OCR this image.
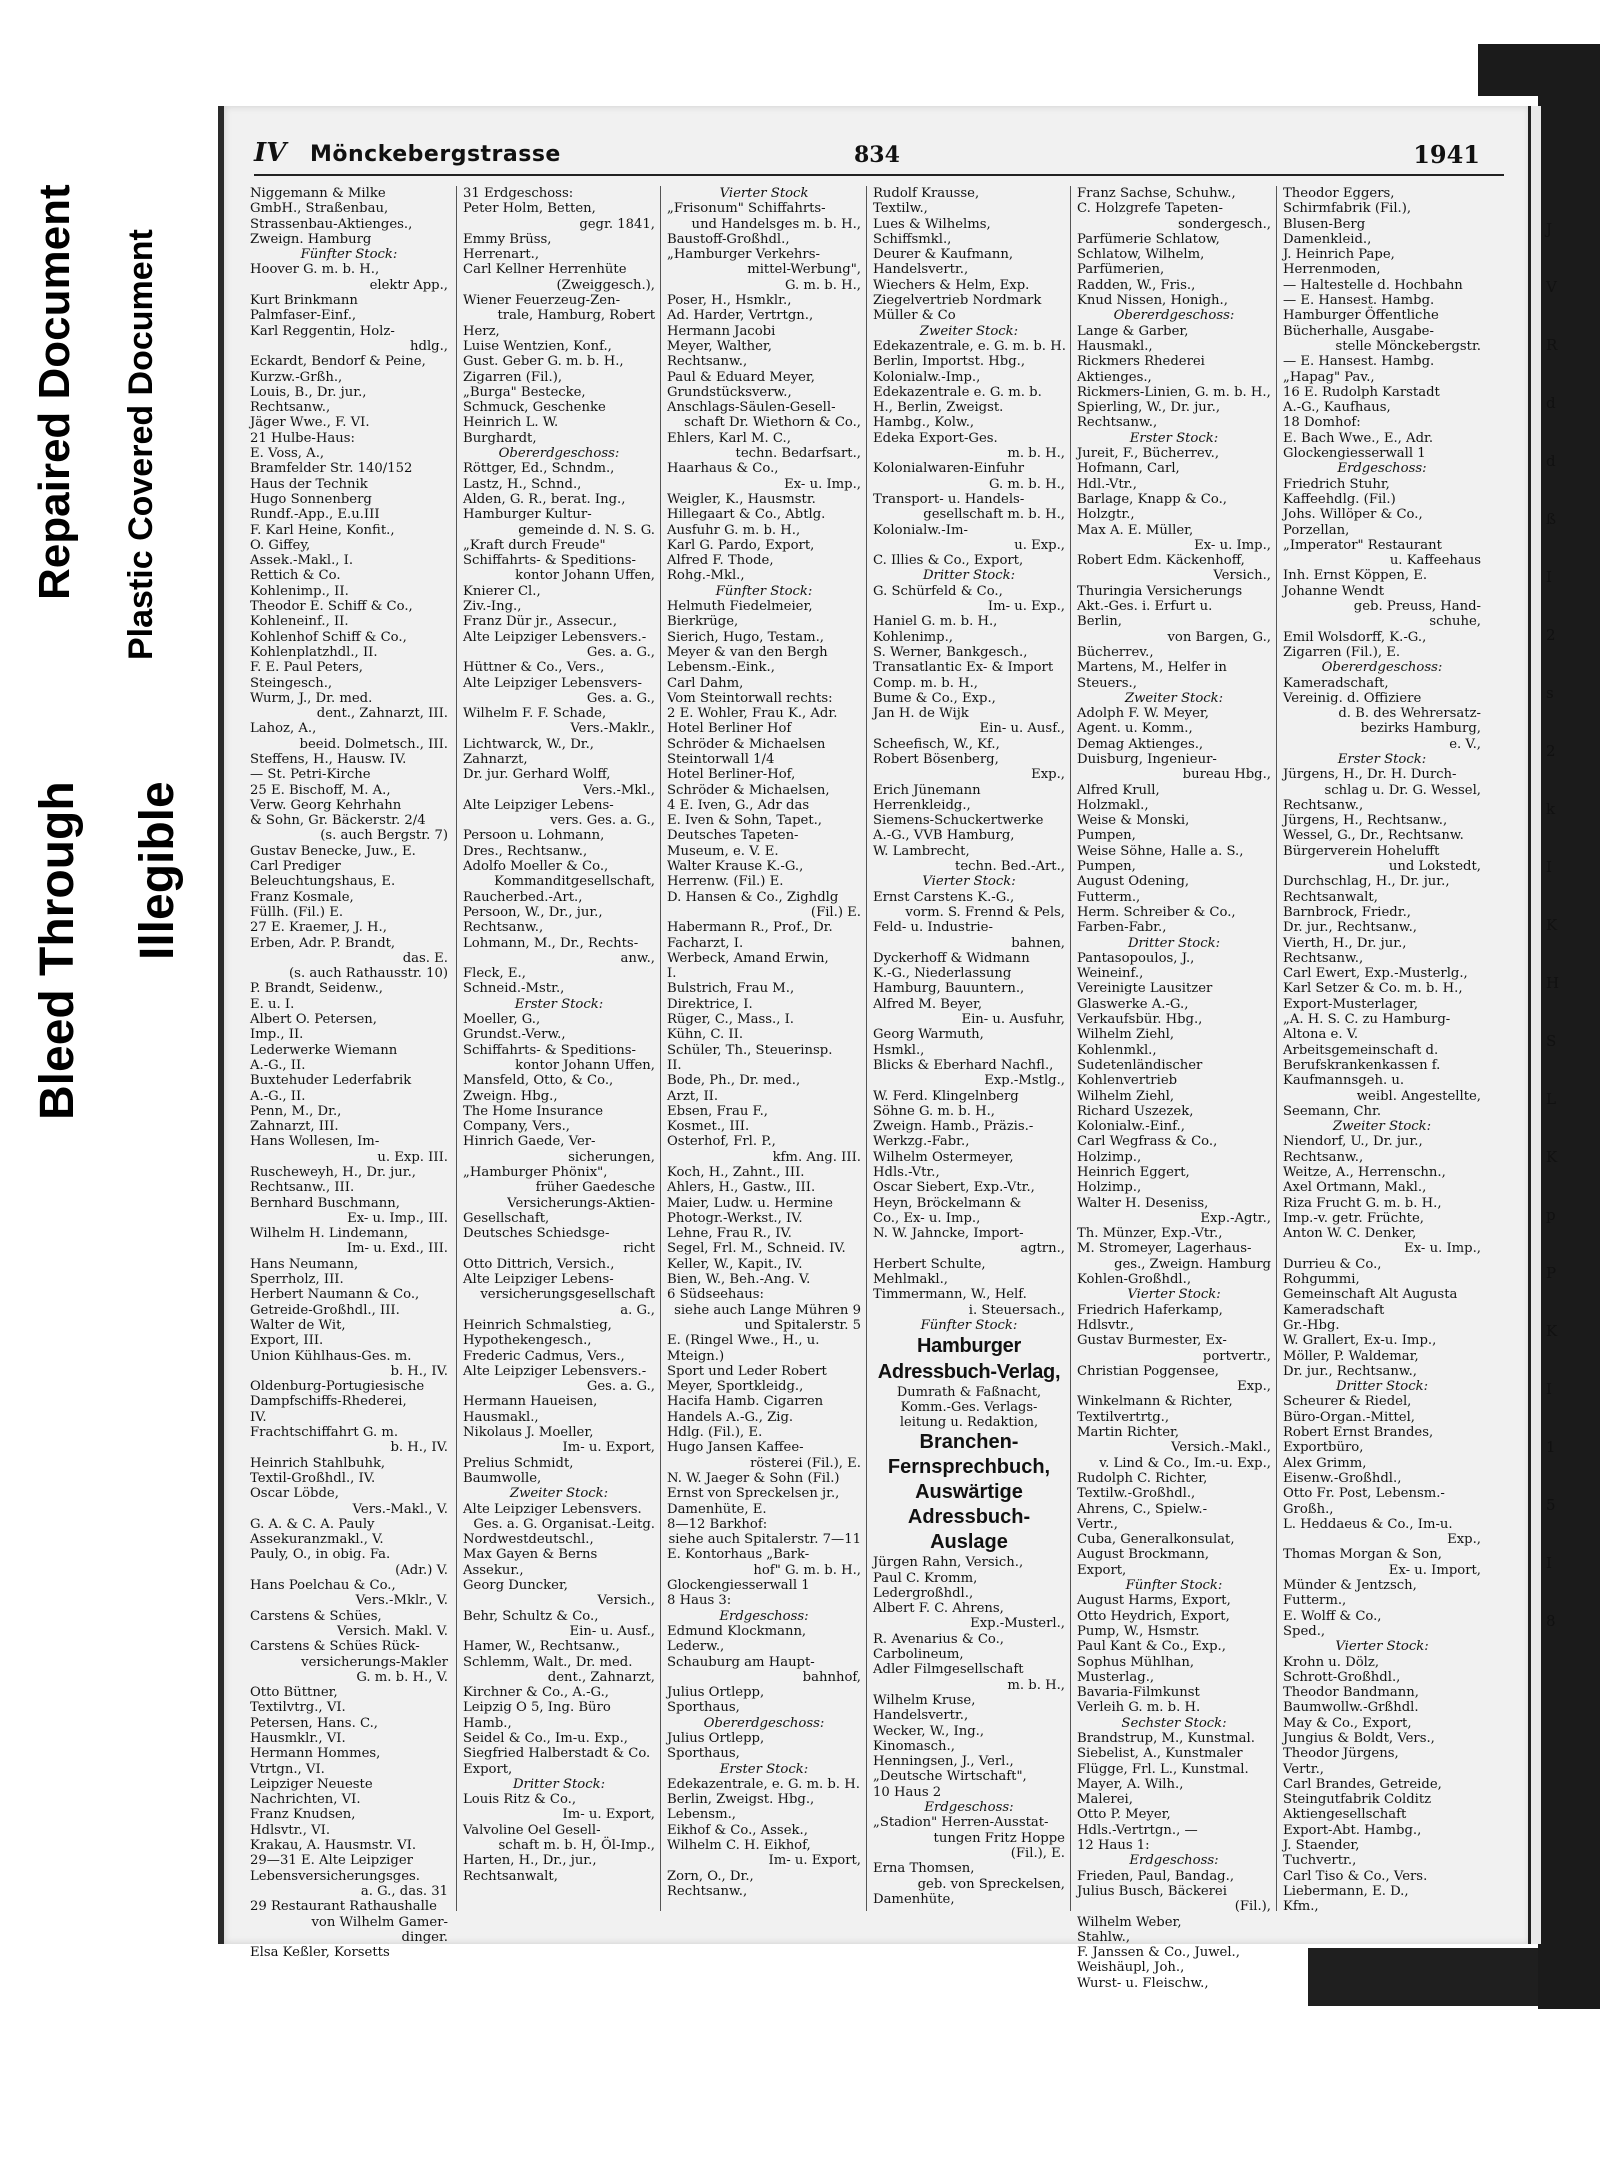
Bleed Through Illegible
Repaired Document Plastic Covered Document
IV Mönckebergstrasse	834	1941
Niggemann & Milke
GmbH., Straßenbau,
Strassenbau-Aktienges.,
Zweign. Hamburg
Fünfter Stock:
Hoover G. m. b. H.,
elektr App.,
Kurt Brinkmann
Palmfaser-Einf.,
Karl Reggentin, Holz-
hdlg.,
Eckardt, Bendorf & Peine,
Kurzw.-Grßh.,
Louis, B., Dr. jur.,
Rechtsanw.,
Jäger Wwe., F. VI.
21 Hulbe-Haus:
E. Voss, A.,
Bramfelder Str. 140/152
Haus der Technik
Hugo Sonnenberg
Rundf.-App., E.u.III
F. Karl Heine, Konfit.,
O. Giffey,
Assek.-Makl., I.
Rettich & Co.
Kohlenimp., II.
Theodor E. Schiff & Co.,
Kohleneinf., II.
Kohlenhof Schiff & Co.,
Kohlenplatzhdl., II.
F. E. Paul Peters,
Steingesch.,
Wurm, J., Dr. med.
dent., Zahnarzt, III.
Lahoz, A.,
beeid. Dolmetsch., III.
Steffens, H., Hausw. IV.
— St. Petri-Kirche
25 E. Bischoff, M. A.,
Verw. Georg Kehrhahn
& Sohn, Gr. Bäckerstr. 2/4
(s. auch Bergstr. 7)
Gustav Benecke, Juw., E.
Carl Prediger
Beleuchtungshaus, E.
Franz Kosmale,
Füllh. (Fil.) E.
27 E. Kraemer, J. H.,
Erben, Adr. P. Brandt,
das. E.
(s. auch Rathausstr. 10)
P. Brandt, Seidenw.,
E. u. I.
Albert O. Petersen,
Imp., II.
Lederwerke Wiemann
A.-G., II.
Buxtehuder Lederfabrik
A.-G., II.
Penn, M., Dr.,
Zahnarzt, III.
Hans Wollesen, Im-
u. Exp. III.
Ruscheweyh, H., Dr. jur.,
Rechtsanw., III.
Bernhard Buschmann,
Ex- u. Imp., III.
Wilhelm H. Lindemann,
Im- u. Exd., III.
Hans Neumann,
Sperrholz, III.
Herbert Naumann & Co.,
Getreide-Großhdl., III.
Walter de Wit,
Export, III.
Union Kühlhaus-Ges. m.
b. H., IV.
Oldenburg-Portugiesische
Dampfschiffs-Rhederei,
IV.
Frachtschiffahrt G. m.
b. H., IV.
Heinrich Stahlbuhk,
Textil-Großhdl., IV.
Oscar Löbde,
Vers.-Makl., V.
G. A. & C. A. Pauly
Assekuranzmakl., V.
Pauly, O., in obig. Fa.
(Adr.) V.
Hans Poelchau & Co.,
Vers.-Mklr., V.
Carstens & Schües,
Versich. Makl. V.
Carstens & Schües Rück-
versicherungs-Makler
G. m. b. H., V.
Otto Büttner,
Textilvtrg., VI.
Petersen, Hans. C.,
Hausmklr., VI.
Hermann Hommes,
Vtrtgn., VI.
Leipziger Neueste
Nachrichten, VI.
Franz Knudsen,
Hdlsvtr., VI.
Krakau, A. Hausmstr. VI.
29—31 E. Alte Leipziger
Lebensversicherungsges.
a. G., das. 31
29 Restaurant Rathaushalle
von Wilhelm Gamer-
dinger.
Elsa Keßler, Korsetts
31 Erdgeschoss:
Peter Holm, Betten,
gegr. 1841,
Emmy Brüss,
Herrenart.,
Carl Kellner Herrenhüte
(Zweiggesch.),
Wiener Feuerzeug-Zen-
trale, Hamburg, Robert
Herz,
Luise Wentzien, Konf.,
Gust. Geber G. m. b. H.,
Zigarren (Fil.),
„Burga" Bestecke,
Schmuck, Geschenke
Heinrich L. W.
Burghardt,
Obererdgeschoss:
Röttger, Ed., Schndm.,
Lastz, H., Schnd.,
Alden, G. R., berat. Ing.,
Hamburger Kultur-
gemeinde d. N. S. G.
„Kraft durch Freude"
Schiffahrts- & Speditions-
kontor Johann Uffen,
Knierer Cl.,
Ziv.-Ing.,
Franz Dür jr., Assecur.,
Alte Leipziger Lebensvers.-
Ges. a. G.,
Hüttner & Co., Vers.,
Alte Leipziger Lebensvers-
Ges. a. G.,
Wilhelm F. F. Schade,
Vers.-Maklr.,
Lichtwarck, W., Dr.,
Zahnarzt,
Dr. jur. Gerhard Wolff,
Vers.-Mkl.,
Alte Leipziger Lebens-
vers. Ges. a. G.,
Persoon u. Lohmann,
Dres., Rechtsanw.,
Adolfo Moeller & Co.,
Kommanditgesellschaft,
Raucherbed.-Art.,
Persoon, W., Dr., jur.,
Rechtsanw.,
Lohmann, M., Dr., Rechts-
anw.,
Fleck, E.,
Schneid.-Mstr.,
Erster Stock:
Moeller, G.,
Grundst.-Verw.,
Schiffahrts- & Speditions-
kontor Johann Uffen,
Mansfeld, Otto, & Co.,
Zweign. Hbg.,
The Home Insurance
Company, Vers.,
Hinrich Gaede, Ver-
sicherungen,
„Hamburger Phönix",
früher Gaedesche
Versicherungs-Aktien-
Gesellschaft,
Deutsches Schiedsge-
richt
Otto Dittrich, Versich.,
Alte Leipziger Lebens-
versicherungsgesellschaft
a. G.,
Heinrich Schmalstieg,
Hypothekengesch.,
Frederic Cadmus, Vers.,
Alte Leipziger Lebensvers.-
Ges. a. G.,
Hermann Haueisen,
Hausmakl.,
Nikolaus J. Moeller,
Im- u. Export,
Prelius Schmidt,
Baumwolle,
Zweiter Stock:
Alte Leipziger Lebensvers.
Ges. a. G. Organisat.-Leitg.
Nordwestdeutschl.,
Max Gayen & Berns
Assekur.,
Georg Duncker,
Versich.,
Behr, Schultz & Co.,
Ein- u. Ausf.,
Hamer, W., Rechtsanw.,
Schlemm, Walt., Dr. med.
dent., Zahnarzt,
Kirchner & Co., A.-G.,
Leipzig O 5, Ing. Büro
Hamb.,
Seidel & Co., Im-u. Exp.,
Siegfried Halberstadt & Co.
Export,
Dritter Stock:
Louis Ritz & Co.,
Im- u. Export,
Valvoline Oel Gesell-
schaft m. b. H, Öl-Imp.,
Harten, H., Dr., jur.,
Rechtsanwalt,
Vierter Stock
„Frisonum" Schiffahrts-
und Handelsges m. b. H.,
Baustoff-Großhdl.,
„Hamburger Verkehrs-
mittel-Werbung",
G. m. b. H.,
Poser, H., Hsmklr.,
Ad. Harder, Vertrtgn.,
Hermann Jacobi
Meyer, Walther,
Rechtsanw.,
Paul & Eduard Meyer,
Grundstücksverw.,
Anschlags-Säulen-Gesell-
schaft Dr. Wiethorn & Co.,
Ehlers, Karl M. C.,
techn. Bedarfsart.,
Haarhaus & Co.,
Ex- u. Imp.,
Weigler, K., Hausmstr.
Hillegaart & Co., Abtlg.
Ausfuhr G. m. b. H.,
Karl G. Pardo, Export,
Alfred F. Thode,
Rohg.-Mkl.,
Fünfter Stock:
Helmuth Fiedelmeier,
Bierkrüge,
Sierich, Hugo, Testam.,
Meyer & van den Bergh
Lebensm.-Eink.,
Carl Dahm,
Vom Steintorwall rechts:
2 E. Wohler, Frau K., Adr.
Hotel Berliner Hof
Schröder & Michaelsen
Steintorwall 1/4
Hotel Berliner-Hof,
Schröder & Michaelsen,
4 E. Iven, G., Adr das
E. Iven & Sohn, Tapet.,
Deutsches Tapeten-
Museum, e. V. E.
Walter Krause K.-G.,
Herrenw. (Fil.) E.
D. Hansen & Co., Zighdlg
(Fil.) E.
Habermann R., Prof., Dr.
Facharzt, I.
Werbeck, Amand Erwin,
I.
Bulstrich, Frau M.,
Direktrice, I.
Rüger, C., Mass., I.
Kühn, C. II.
Schüler, Th., Steuerinsp.
II.
Bode, Ph., Dr. med.,
Arzt, II.
Ebsen, Frau F.,
Kosmet., III.
Osterhof, Frl. P.,
kfm. Ang. III.
Koch, H., Zahnt., III.
Ahlers, H., Gastw., III.
Maier, Ludw. u. Hermine
Photogr.-Werkst., IV.
Lehne, Frau R., IV.
Segel, Frl. M., Schneid. IV.
Keller, W., Kapit., IV.
Bien, W., Beh.-Ang. V.
6 Südseehaus:
siehe auch Lange Mühren 9
und Spitalerstr. 5
E. (Ringel Wwe., H., u.
Mteign.)
Sport und Leder Robert
Meyer, Sportkleidg.,
Hacifa Hamb. Cigarren
Handels A.-G., Zig.
Hdlg. (Fil.), E.
Hugo Jansen Kaffee-
rösterei (Fil.), E.
N. W. Jaeger & Sohn (Fil.)
Ernst von Spreckelsen jr.,
Damenhüte, E.
8—12 Barkhof:
siehe auch Spitalerstr. 7—11
E. Kontorhaus „Bark-
hof" G. m. b. H.,
Glockengiesserwall 1
8 Haus 3:
Erdgeschoss:
Edmund Klockmann,
Lederw.,
Schauburg am Haupt-
bahnhof,
Julius Ortlepp,
Sporthaus,
Obererdgeschoss:
Julius Ortlepp,
Sporthaus,
Erster Stock:
Edekazentrale, e. G. m. b. H.
Berlin, Zweigst. Hbg.,
Lebensm.,
Eikhof & Co., Assek.,
Wilhelm C. H. Eikhof,
Im- u. Export,
Zorn, O., Dr.,
Rechtsanw.,
Rudolf Krausse,
Textilw.,
Lues & Wilhelms,
Schiffsmkl.,
Deurer & Kaufmann,
Handelsvertr.,
Wiechers & Helm, Exp.
Ziegelvertrieb Nordmark
Müller & Co
Zweiter Stock:
Edekazentrale, e. G. m. b. H.
Berlin, Importst. Hbg.,
Kolonialw.-Imp.,
Edekazentrale e. G. m. b.
H., Berlin, Zweigst.
Hambg., Kolw.,
Edeka Export-Ges.
m. b. H.,
Kolonialwaren-Einfuhr
G. m. b. H.,
Transport- u. Handels-
gesellschaft m. b. H.,
Kolonialw.-Im-
u. Exp.,
C. Illies & Co., Export,
Dritter Stock:
G. Schürfeld & Co.,
Im- u. Exp.,
Haniel G. m. b. H.,
Kohlenimp.,
S. Werner, Bankgesch.,
Transatlantic Ex- & Import
Comp. m. b. H.,
Bume & Co., Exp.,
Jan H. de Wijk
Ein- u. Ausf.,
Scheefisch, W., Kf.,
Robert Bösenberg,
Exp.,
Erich Jünemann
Herrenkleidg.,
Siemens-Schuckertwerke
A.-G., VVB Hamburg,
W. Lambrecht,
techn. Bed.-Art.,
Vierter Stock:
Ernst Carstens K.-G.,
vorm. S. Frennd & Pels,
Feld- u. Industrie-
bahnen,
Dyckerhoff & Widmann
K.-G., Niederlassung
Hamburg, Bauuntern.,
Alfred M. Beyer,
Ein- u. Ausfuhr,
Georg Warmuth,
Hsmkl.,
Blicks & Eberhard Nachfl.,
Exp.-Mstlg.,
W. Ferd. Klingelnberg
Söhne G. m. b. H.,
Zweign. Hamb., Präzis.-
Werkzg.-Fabr.,
Wilhelm Ostermeyer,
Hdls.-Vtr.,
Oscar Siebert, Exp.-Vtr.,
Heyn, Bröckelmann &
Co., Ex- u. Imp.,
N. W. Jahncke, Import-
agtrn.,
Herbert Schulte,
Mehlmakl.,
Timmermann, W., Helf.
i. Steuersach.,
Fünfter Stock:
Hamburger
Adressbuch-Verlag,
Dumrath & Faßnacht,
Komm.-Ges. Verlags-
leitung u. Redaktion,
Branchen-
Fernsprechbuch,
Auswärtige
Adressbuch-Auslage
Jürgen Rahn, Versich.,
Paul C. Kromm,
Ledergroßhdl.,
Albert F. C. Ahrens,
Exp.-Musterl.,
R. Avenarius & Co.,
Carbolineum,
Adler Filmgesellschaft
m. b. H.,
Wilhelm Kruse,
Handelsvertr.,
Wecker, W., Ing.,
Kinomasch.,
Henningsen, J., Verl.,
„Deutsche Wirtschaft",
10 Haus 2
Erdgeschoss:
„Stadion" Herren-Ausstat-
tungen Fritz Hoppe
(Fil.), E.
Erna Thomsen,
geb. von Spreckelsen,
Damenhüte,
Franz Sachse, Schuhw.,
C. Holzgrefe Tapeten-
sondergesch.,
Parfümerie Schlatow,
Schlatow, Wilhelm,
Parfümerien,
Radden, W., Fris.,
Knud Nissen, Honigh.,
Obererdgeschoss:
Lange & Garber,
Hausmakl.,
Rickmers Rhederei
Aktienges.,
Rickmers-Linien, G. m. b. H.,
Spierling, W., Dr. jur.,
Rechtsanw.,
Erster Stock:
Jureit, F., Bücherrev.,
Hofmann, Carl,
Hdl.-Vtr.,
Barlage, Knapp & Co.,
Holzgtr.,
Max A. E. Müller,
Ex- u. Imp.,
Robert Edm. Käckenhoff,
Versich.,
Thuringia Versicherungs
Akt.-Ges. i. Erfurt u.
Berlin,
von Bargen, G.,
Bücherrev.,
Martens, M., Helfer in
Steuers.,
Zweiter Stock:
Adolph F. W. Meyer,
Agent. u. Komm.,
Demag Aktienges.,
Duisburg, Ingenieur-
bureau Hbg.,
Alfred Krull,
Holzmakl.,
Weise & Monski,
Pumpen,
Weise Söhne, Halle a. S.,
Pumpen,
August Odening,
Futterm.,
Herm. Schreiber & Co.,
Farben-Fabr.,
Dritter Stock:
Pantasopoulos, J.,
Weineinf.,
Vereinigte Lausitzer
Glaswerke A.-G.,
Verkaufsbür. Hbg.,
Wilhelm Ziehl,
Kohlenmkl.,
Sudetenländischer
Kohlenvertrieb
Wilhelm Ziehl,
Richard Uszezek,
Kolonialw.-Einf.,
Carl Wegfrass & Co.,
Holzimp.,
Heinrich Eggert,
Holzimp.,
Walter H. Deseniss,
Exp.-Agtr.,
Th. Münzer, Exp.-Vtr.,
M. Stromeyer, Lagerhaus-
ges., Zweign. Hamburg
Kohlen-Großhdl.,
Vierter Stock:
Friedrich Haferkamp,
Hdlsvtr.,
Gustav Burmester, Ex-
portvertr.,
Christian Poggensee,
Exp.,
Winkelmann & Richter,
Textilvertrtg.,
Martin Richter,
Versich.-Makl.,
v. Lind & Co., Im.-u. Exp.,
Rudolph C. Richter,
Textilw.-Großhdl.,
Ahrens, C., Spielw.-
Vertr.,
Cuba, Generalkonsulat,
August Brockmann,
Export,
Fünfter Stock:
August Harms, Export,
Otto Heydrich, Export,
Pump, W., Hsmstr.
Paul Kant & Co., Exp.,
Sophus Mühlhan,
Musterlag.,
Bavaria-Filmkunst
Verleih G. m. b. H.
Sechster Stock:
Brandstrup, M., Kunstmal.
Siebelist, A., Kunstmaler
Flügge, Frl. L., Kunstmal.
Mayer, A. Wilh.,
Malerei,
Otto P. Meyer,
Hdls.-Vertrtgn., —
12 Haus 1:
Erdgeschoss:
Frieden, Paul, Bandag.,
Julius Busch, Bäckerei
(Fil.),
Wilhelm Weber,
Stahlw.,
F. Janssen & Co., Juwel.,
Weishäupl, Joh.,
Wurst- u. Fleischw.,
Theodor Eggers,
Schirmfabrik (Fil.),
Blusen-Berg
Damenkleid.,
J. Heinrich Pape,
Herrenmoden,
— Haltestelle d. Hochbahn
— E. Hansest. Hambg.
Hamburger Öffentliche
Bücherhalle, Ausgabe-
stelle Mönckebergstr.
— E. Hansest. Hambg.
„Hapag" Pav.,
16 E. Rudolph Karstadt
A.-G., Kaufhaus,
18 Domhof:
E. Bach Wwe., E., Adr.
Glockengiesserwall 1
Erdgeschoss:
Friedrich Stuhr,
Kaffeehdlg. (Fil.)
Johs. Willöper & Co.,
Porzellan,
„Imperator" Restaurant
u. Kaffeehaus
Inh. Ernst Köppen, E.
Johanne Wendt
geb. Preuss, Hand-
schuhe,
Emil Wolsdorff, K.-G.,
Zigarren (Fil.), E.
Obererdgeschoss:
Kameradschaft,
Vereinig. d. Offiziere
d. B. des Wehrersatz-
bezirks Hamburg,
e. V.,
Erster Stock:
Jürgens, H., Dr. H. Durch-
schlag u. Dr. G. Wessel,
Rechtsanw.,
Jürgens, H., Rechtsanw.,
Wessel, G., Dr., Rechtsanw.
Bürgerverein Hohelufft
und Lokstedt,
Durchschlag, H., Dr. jur.,
Rechtsanwalt,
Barnbrock, Friedr.,
Dr. jur., Rechtsanw.,
Vierth, H., Dr. jur.,
Rechtsanw.,
Carl Ewert, Exp.-Musterlg.,
Karl Setzer & Co. m. b. H.,
Export-Musterlager,
„A. H. S. C. zu Hamburg-
Altona e. V.
Arbeitsgemeinschaft d.
Berufskrankenkassen f.
Kaufmannsgeh. u.
weibl. Angestellte,
Seemann, Chr.
Zweiter Stock:
Niendorf, U., Dr. jur.,
Rechtsanw.,
Weitze, A., Herrenschn.,
Axel Ortmann, Makl.,
Riza Frucht G. m. b. H.,
Imp.-v. getr. Früchte,
Anton W. C. Denker,
Ex- u. Imp.,
Durrieu & Co.,
Rohgummi,
Gemeinschaft Alt Augusta
Kameradschaft
Gr.-Hbg.
W. Grallert, Ex-u. Imp.,
Möller, P. Waldemar,
Dr. jur., Rechtsanw.,
Dritter Stock:
Scheurer & Riedel,
Büro-Organ.-Mittel,
Robert Ernst Brandes,
Exportbüro,
Alex Grimm,
Eisenw.-Großhdl.,
Otto Fr. Post, Lebensm.-
Großh.,
L. Heddaeus & Co., Im-u.
Exp.,
Thomas Morgan & Son,
Ex- u. Import,
Münder & Jentzsch,
Futterm.,
E. Wolff & Co.,
Sped.,
Vierter Stock:
Krohn u. Dölz,
Schrott-Großhdl.,
Theodor Bandmann,
Baumwollw.-Grßhdl.
May & Co., Export,
Jungius & Boldt, Vers.,
Theodor Jürgens,
Vertr.,
Carl Brandes, Getreide,
Steingutfabrik Colditz
Aktiengesellschaft
Export-Abt. Hambg.,
J. Staender,
Tuchvertr.,
Carl Tiso & Co., Vers.
Liebermann, E. D.,
Kfm.,
J
V
R
d
d
ß
I
2
s
2
k
I
K
H
S
L
K
p
P
K
I
1
5
I
8
